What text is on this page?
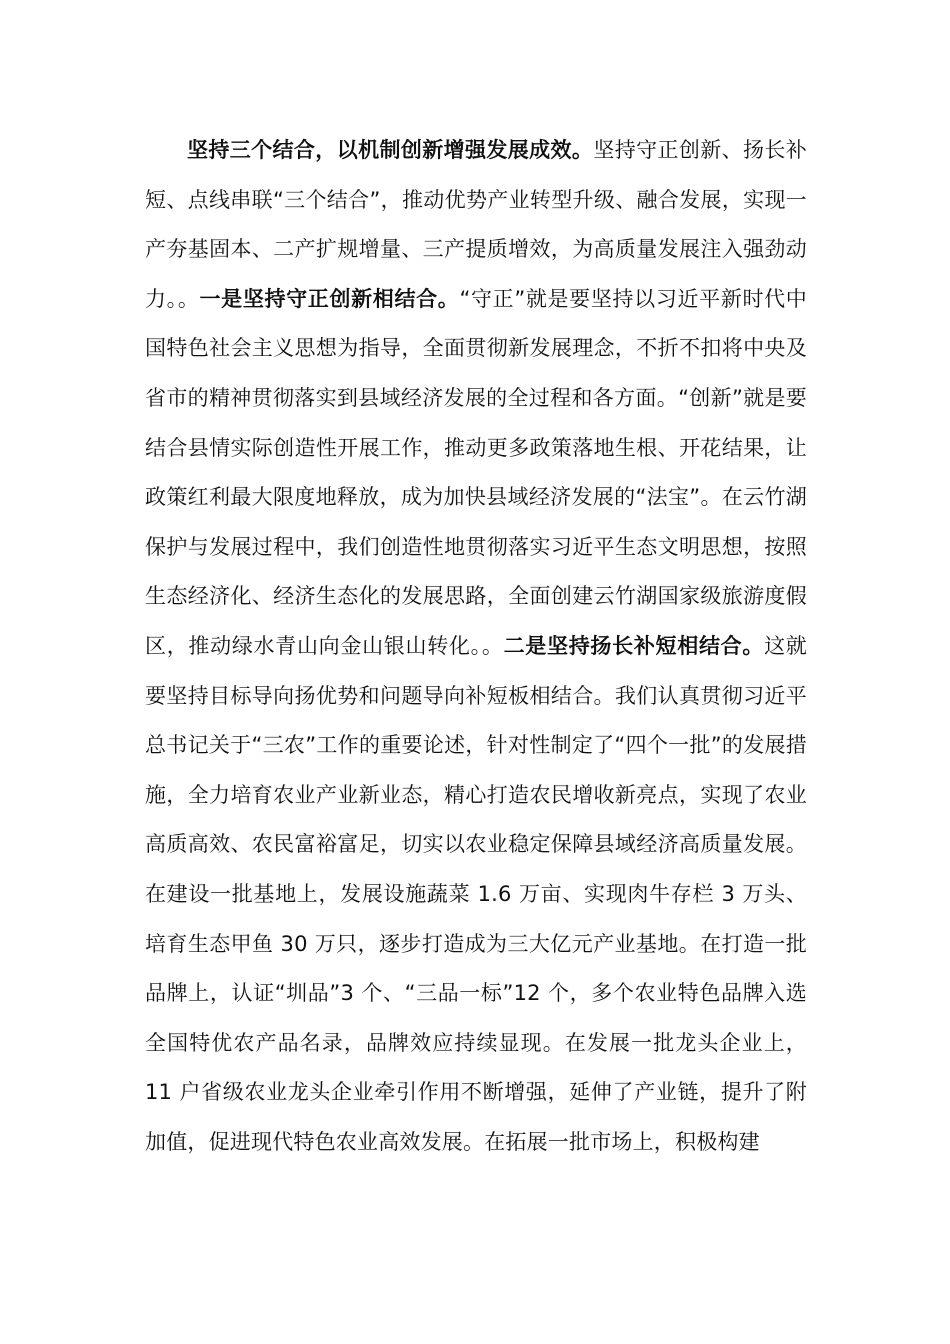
坚持三个结合，以机制创新增强发展成效。坚持守正创新、扬长补短、点线串联“三个结合”，推动优势产业转型升级、融合发展，实现一产夯基固本、二产扩规增量、三产提质增效，为高质量发展注入强劲动力。。一是坚持守正创新相结合。“守正”就是要坚持以习近平新时代中国特色社会主义思想为指导，全面贯彻新发展理念，不折不扣将中央及省市的精神贯彻落实到县域经济发展的全过程和各方面。“创新”就是要结合县情实际创造性开展工作，推动更多政策落地生根、开花结果，让政策红利最大限度地释放，成为加快县域经济发展的“法宝”。在云竹湖保护与发展过程中，我们创造性地贯彻落实习近平生态文明思想，按照生态经济化、经济生态化的发展思路，全面创建云竹湖国家级旅游度假区，推动绿水青山向金山银山转化。。二是坚持扬长补短相结合。这就要坚持目标导向扬优势和问题导向补短板相结合。我们认真贯彻习近平总书记关于“三农”工作的重要论述，针对性制定了“四个一批”的发展措施，全力培育农业产业新业态，精心打造农民增收新亮点，实现了农业高质高效、农民富裕富足，切实以农业稳定保障县域经济高质量发展。在建设一批基地上，发展设施蔬菜 1.6 万亩、实现肉牛存栏 3 万头、培育生态甲鱼 30 万只，逐步打造成为三大亿元产业基地。在打造一批品牌上，认证“圳品”3 个、“三品一标”12 个，多个农业特色品牌入选全国特优农产品名录，品牌效应持续显现。在发展一批龙头企业上，11 户省级农业龙头企业牵引作用不断增强，延伸了产业链，提升了附加值，促进现代特色农业高效发展。在拓展一批市场上，积极构建
